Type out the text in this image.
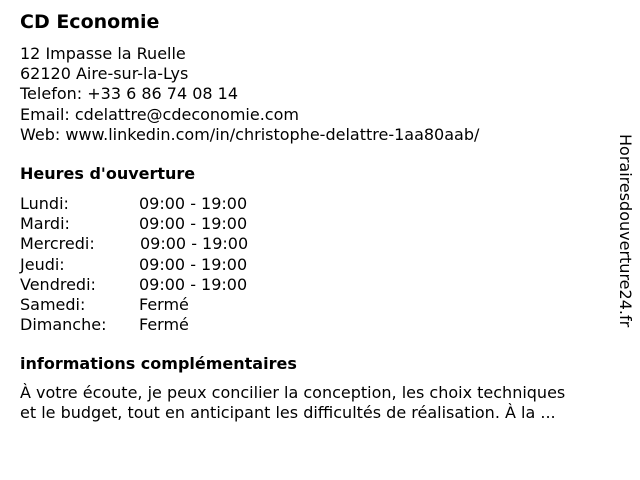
CD Economie
12 Impasse la Ruelle
62120 Aire-sur-la-Lys
Telefon: +33 6 86 74 08 14
Email: cdelattre@cdeconomie.com
Web: www.linkedin.com/in/christophe-delattre-1aa80aab/
Heures d'ouverture
Lundi:	09:00 - 19:00
Mardi:	09:00 - 19:00
Mercredi:	09:00 - 19:00
Jeudi:	09:00 - 19:00
Vendredi:	09:00 - 19:00
Samedi:	Fermé
Dimanche: Fermé
informations complémentaires
À votre écoute, je peux concilier la conception, les choix techniques
et le budget, tout en anticipant les difficultés de réalisation. À la ...
Horairesdouverture24.fr
